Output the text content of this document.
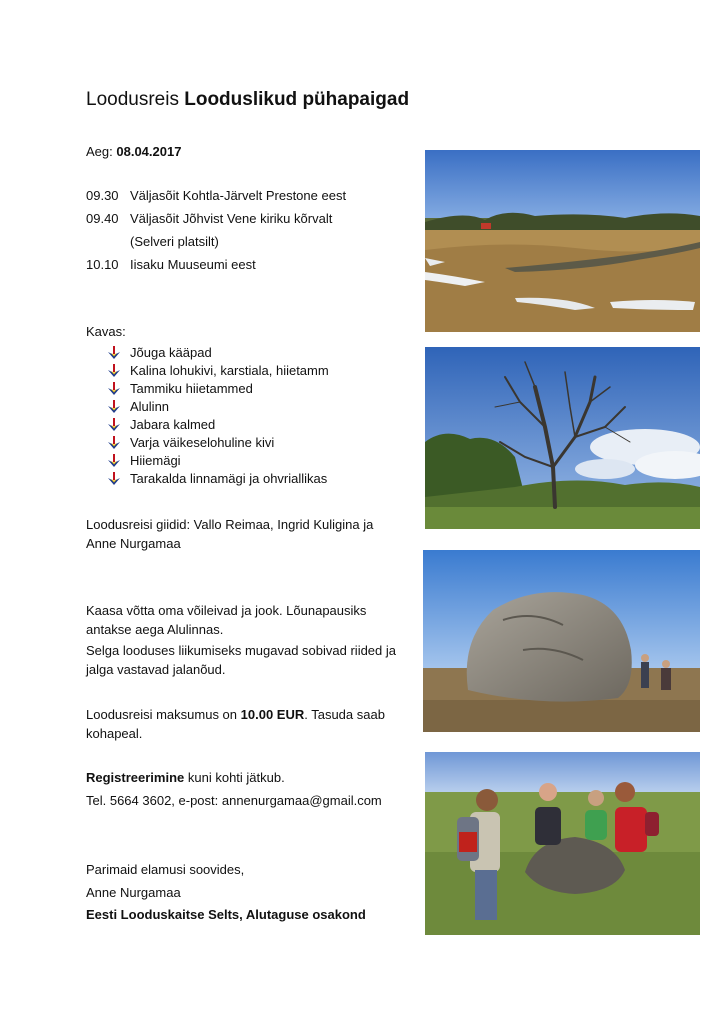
Loodusreis Looduslikud pühapaigad
Aeg: 08.04.2017
09.30 Väljasõit Kohtla-Järvelt Prestone eest
09.40 Väljasõit Jõhvist Vene kiriku kõrvalt
(Selveri platsilt)
10.10 Iisaku Muuseumi eest
Kavas:
Jõuga kääpad
Kalina lohukivi, karstiala, hiietamm
Tammiku hiietammed
Alulinn
Jabara kalmed
Varja väikeselohuline kivi
Hiiemägi
Tarakalda linnamägi ja ohvriallikas
Loodusreisi giidid: Vallo Reimaa, Ingrid Kuligina ja
Anne Nurgamaa
Kaasa võtta oma võileivad ja jook. Lõunapausiks
antakse aega Alulinnas.
Selga looduses liikumiseks mugavad sobivad riided ja
jalga vastavad jalanõud.
Loodusreisi maksumus on 10.00 EUR. Tasuda saab
kohapeal.
Registreerimine kuni kohti jätkub.
Tel. 5664 3602, e-post: annenurgamaa@gmail.com
Parimaid elamusi soovides,
Anne Nurgamaa
Eesti Looduskaitse Selts, Alutaguse osakond
